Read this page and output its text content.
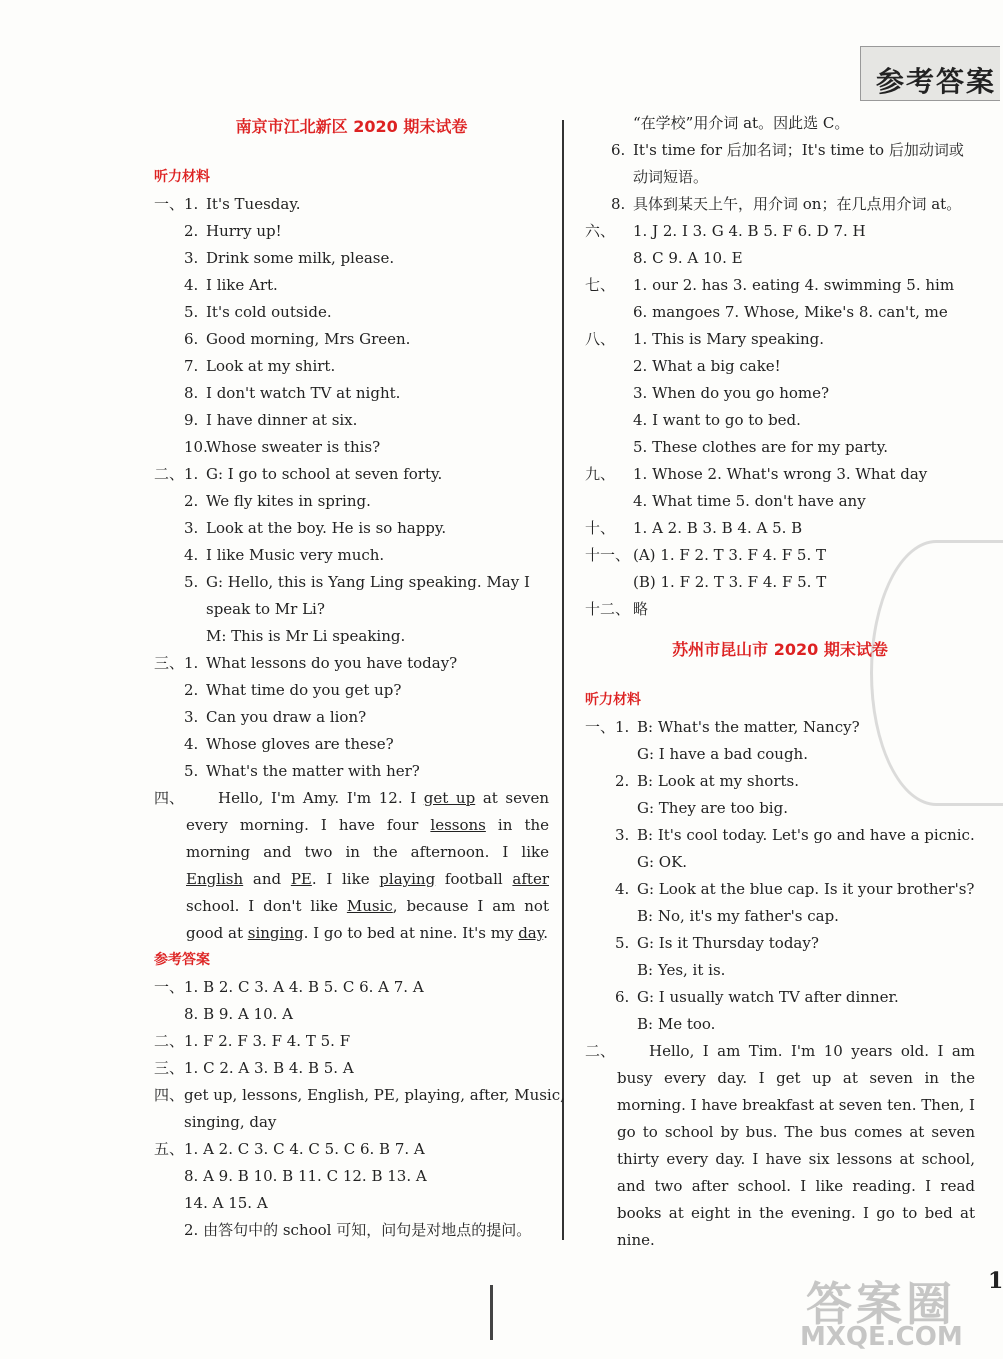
参考答案
南京市江北新区 2020 期末试卷
听力材料
一、1. It's Tuesday.
2. Hurry up!
3. Drink some milk, please.
4. I like Art.
5. It's cold outside.
6. Good morning, Mrs Green.
7. Look at my shirt.
8. I don't watch TV at night.
9. I have dinner at six.
10.
Whose sweater is this?
二、1. G: I go to school at seven forty.
2. We fly kites in spring.
3. Look at the boy. He is so happy.
4. I like Music very much.
5. G: Hello, this is Yang Ling speaking. May I
speak to Mr Li?
M: This is Mr Li speaking.
三、1. What lessons do you have today?
2. What time do you get up?
3. Can you draw a lion?
4. Whose gloves are these?
5. What's the matter with her?
四、	Hello, I'm Amy. I'm 12. I get up at seven every morning. I have four lessons in the morning and two in the afternoon. I like English and PE. I like playing football after school. I don't like Music, because I am not good at singing. I go to bed at nine. It's my day.
参考答案
一、 1. B 2. C 3. A 4. B 5. C 6. A 7. A
8. B 9. A 10. A
二、 1. F 2. F 3. F 4. T 5. F
三、 1. C 2. A 3. B 4. B 5. A
四、 get up, lessons, English, PE, playing, after, Music,
singing, day
五、 1. A 2. C 3. C 4. C 5. C 6. B 7. A
8. A 9. B 10. B 11. C 12. B 13. A
14. A 15. A
2. 由答句中的 school 可知，问句是对地点的提问。
“在学校”用介词 at。因此选 C。
6. It's time for 后加名词；It's time to 后加动词或
动词短语。
8. 具体到某天上午，用介词 on；在几点用介词 at。
六、 1. J 2. I 3. G 4. B 5. F 6. D 7. H
8. C 9. A 10. E
七、 1. our 2. has 3. eating 4. swimming 5. him
6. mangoes 7. Whose, Mike's 8. can't, me
八、 1. This is Mary speaking.
2. What a big cake!
3. When do you go home?
4. I want to go to bed.
5. These clothes are for my party.
九、 1. Whose 2. What's wrong 3. What day
4. What time 5. don't have any
十、 1. A 2. B 3. B 4. A 5. B
十一、 (A) 1. F 2. T 3. F 4. F 5. T
(B) 1. F 2. T 3. F 4. F 5. T
十二、 略
苏州市昆山市 2020 期末试卷
听力材料
一、1. B: What's the matter, Nancy?
G: I have a bad cough.
2. B: Look at my shorts.
G: They are too big.
3. B: It's cool today. Let's go and have a picnic.
G: OK.
4. G: Look at the blue cap. Is it your brother's?
B: No, it's my father's cap.
5. G: Is it Thursday today?
B: Yes, it is.
6. G: I usually watch TV after dinner.
B: Me too.
二、	Hello, I am Tim. I'm 10 years old. I am busy every day. I get up at seven in the morning. I have breakfast at seven ten. Then, I go to school by bus. The bus comes at seven thirty every day. I have six lessons at school, and two after school. I like reading. I read books at eight in the evening. I go to bed at nine.
1
答案圈
MXQE.COM
